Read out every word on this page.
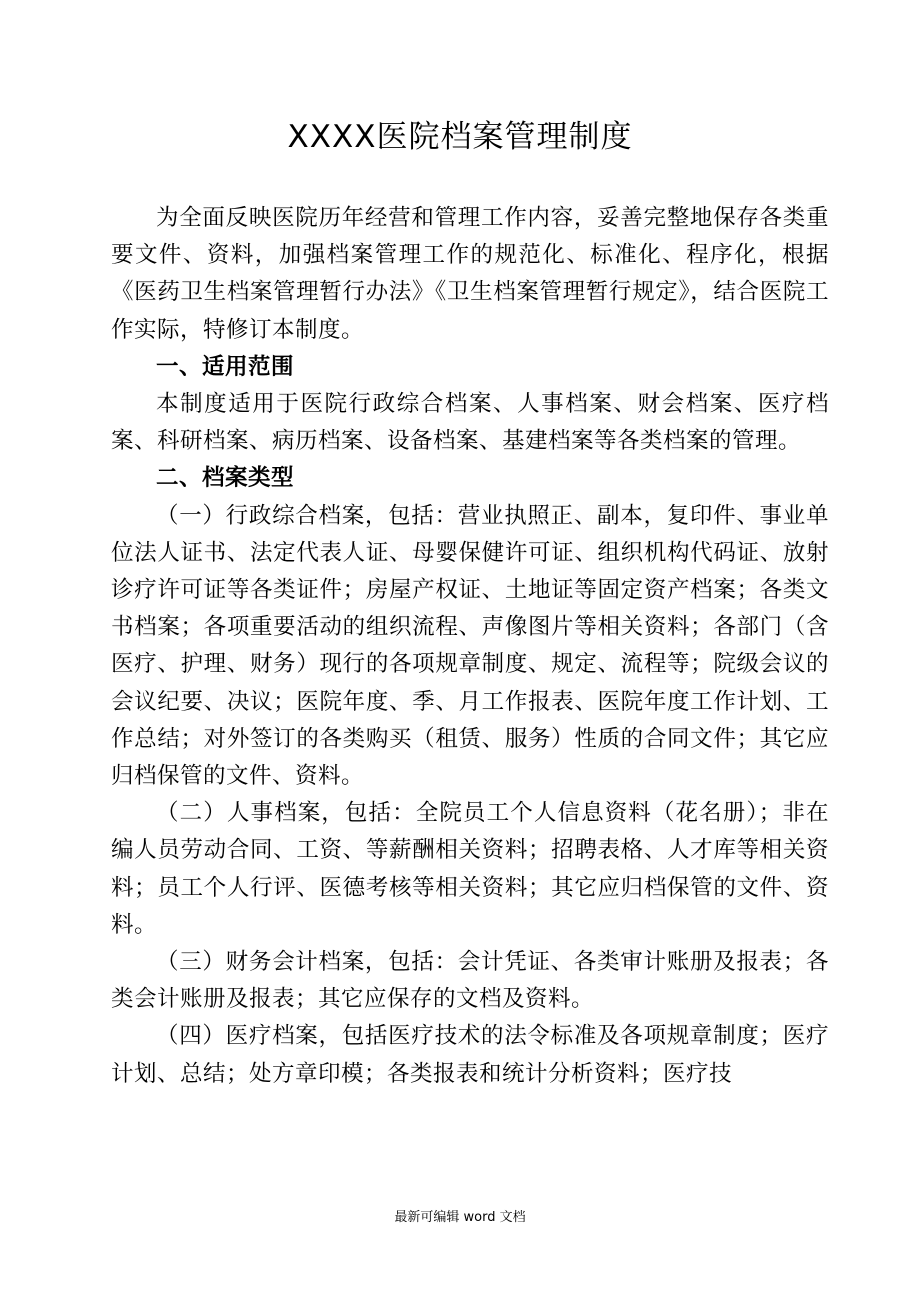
XXXX医院档案管理制度

为全面反映医院历年经营和管理工作内容，妥善完整地保存各类重要文件、资料，加强档案管理工作的规范化、标准化、程序化，根据《医药卫生档案管理暂行办法》《卫生档案管理暂行规定》，结合医院工作实际，特修订本制度。

一、适用范围

本制度适用于医院行政综合档案、人事档案、财会档案、医疗档案、科研档案、病历档案、设备档案、基建档案等各类档案的管理。

二、档案类型

（一）行政综合档案，包括：营业执照正、副本，复印件、事业单位法人证书、法定代表人证、母婴保健许可证、组织机构代码证、放射诊疗许可证等各类证件；房屋产权证、土地证等固定资产档案；各类文书档案；各项重要活动的组织流程、声像图片等相关资料；各部门（含医疗、护理、财务）现行的各项规章制度、规定、流程等；院级会议的会议纪要、决议；医院年度、季、月工作报表、医院年度工作计划、工作总结；对外签订的各类购买（租赁、服务）性质的合同文件；其它应归档保管的文件、资料。

（二）人事档案，包括：全院员工个人信息资料（花名册）；非在编人员劳动合同、工资、等薪酬相关资料；招聘表格、人才库等相关资料；员工个人行评、医德考核等相关资料；其它应归档保管的文件、资料。

（三）财务会计档案，包括：会计凭证、各类审计账册及报表；各类会计账册及报表；其它应保存的文档及资料。

（四）医疗档案，包括医疗技术的法令标准及各项规章制度；医疗计划、总结；处方章印模；各类报表和统计分析资料；医疗技

最新可编辑 word 文档
